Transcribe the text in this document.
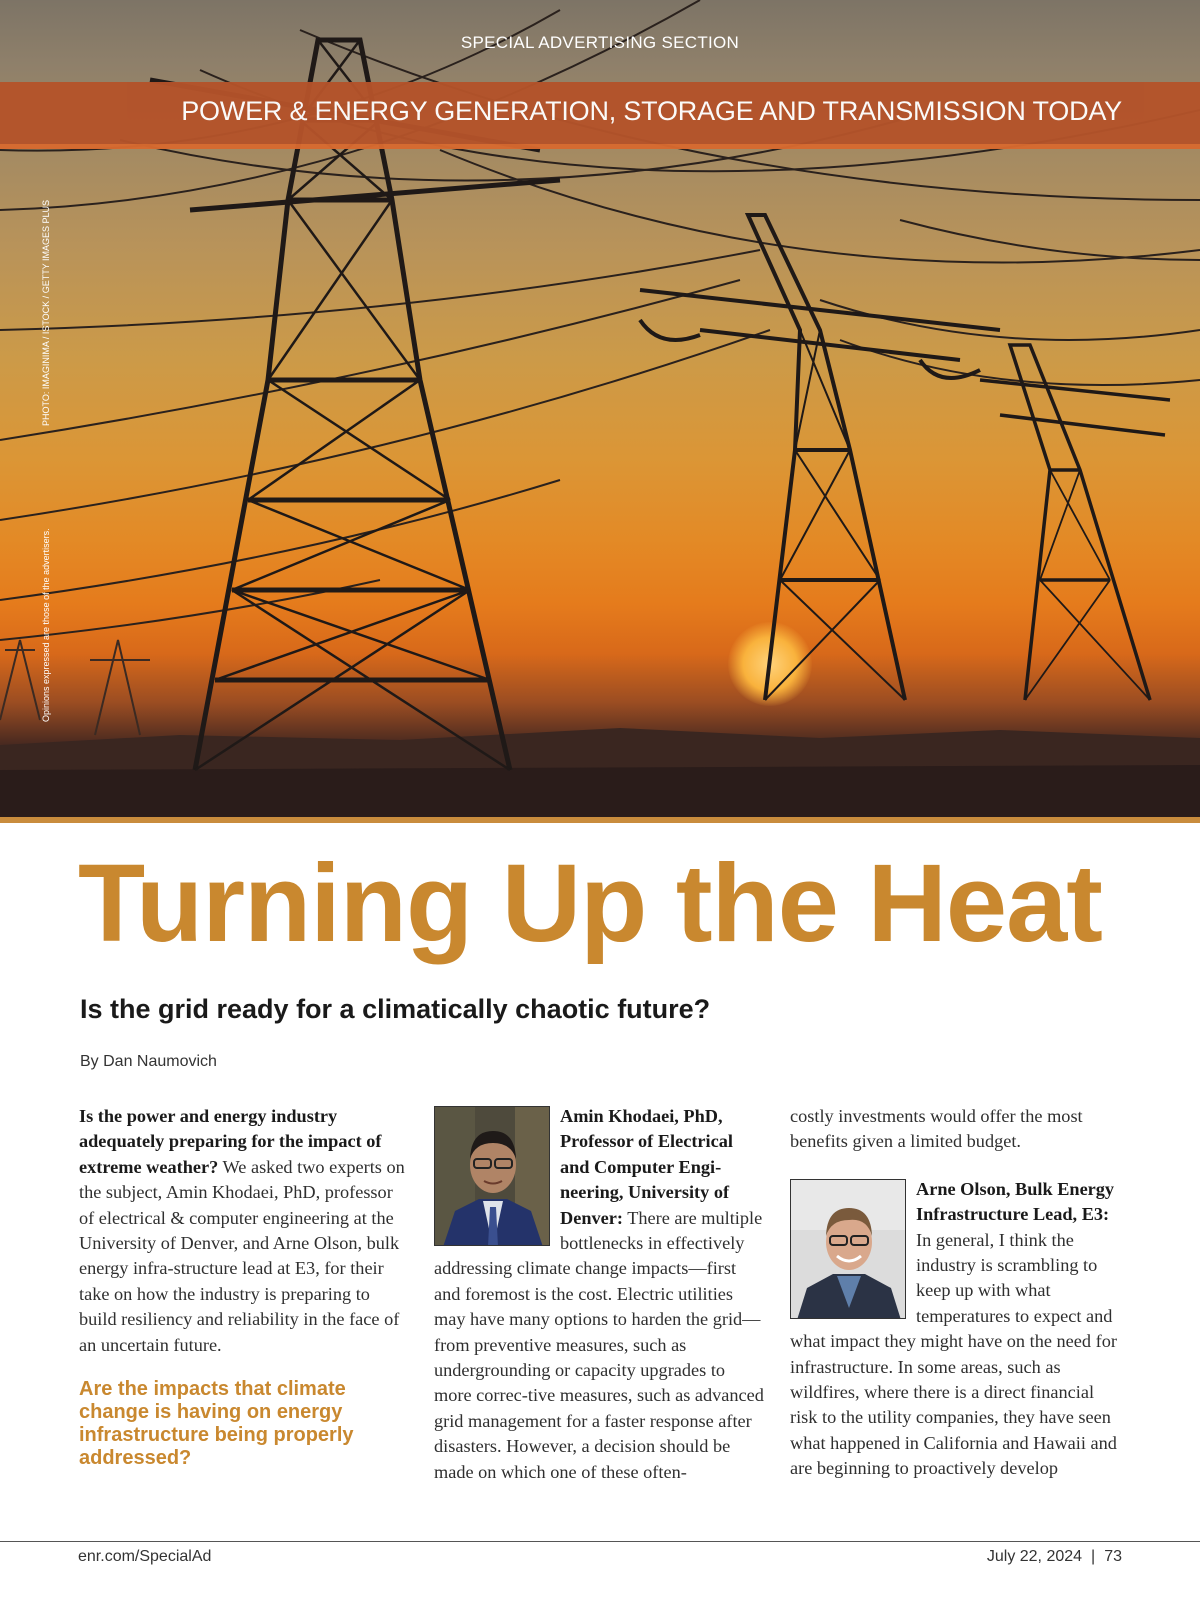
SPECIAL ADVERTISING SECTION
POWER & ENERGY GENERATION, STORAGE AND TRANSMISSION TODAY
PHOTO: IMAGINIMA / ISTOCK / GETTY IMAGES PLUS
Opinions expressed are those of the advertisers.
Turning Up the Heat
Is the grid ready for a climatically chaotic future?
By Dan Naumovich

Is the power and energy industry adequately preparing for the impact of extreme weather? We asked two experts on the subject, Amin Khodaei, PhD, professor of electrical & computer engineering at the University of Denver, and Arne Olson, bulk energy infra-structure lead at E3, for their take on how the industry is preparing to build resiliency and reliability in the face of an uncertain future.

Are the impacts that climate change is having on energy infrastructure being properly addressed?

Amin Khodaei, PhD, Professor of Electrical and Computer Engi-neering, University of Denver: There are multiple bottlenecks in effectively addressing climate change impacts—first and foremost is the cost. Electric utilities may have many options to harden the grid—from preventive measures, such as undergrounding or capacity upgrades to more correc-tive measures, such as advanced grid management for a faster response after disasters. However, a decision should be made on which one of these often-

costly investments would offer the most benefits given a limited budget.

Arne Olson, Bulk Energy Infrastructure Lead, E3: In general, I think the industry is scrambling to keep up with what temperatures to expect and what impact they might have on the need for infrastructure. In some areas, such as wildfires, where there is a direct financial risk to the utility companies, they have seen what happened in California and Hawaii and are beginning to proactively develop

enr.com/SpecialAd	July 22, 2024 | 73
